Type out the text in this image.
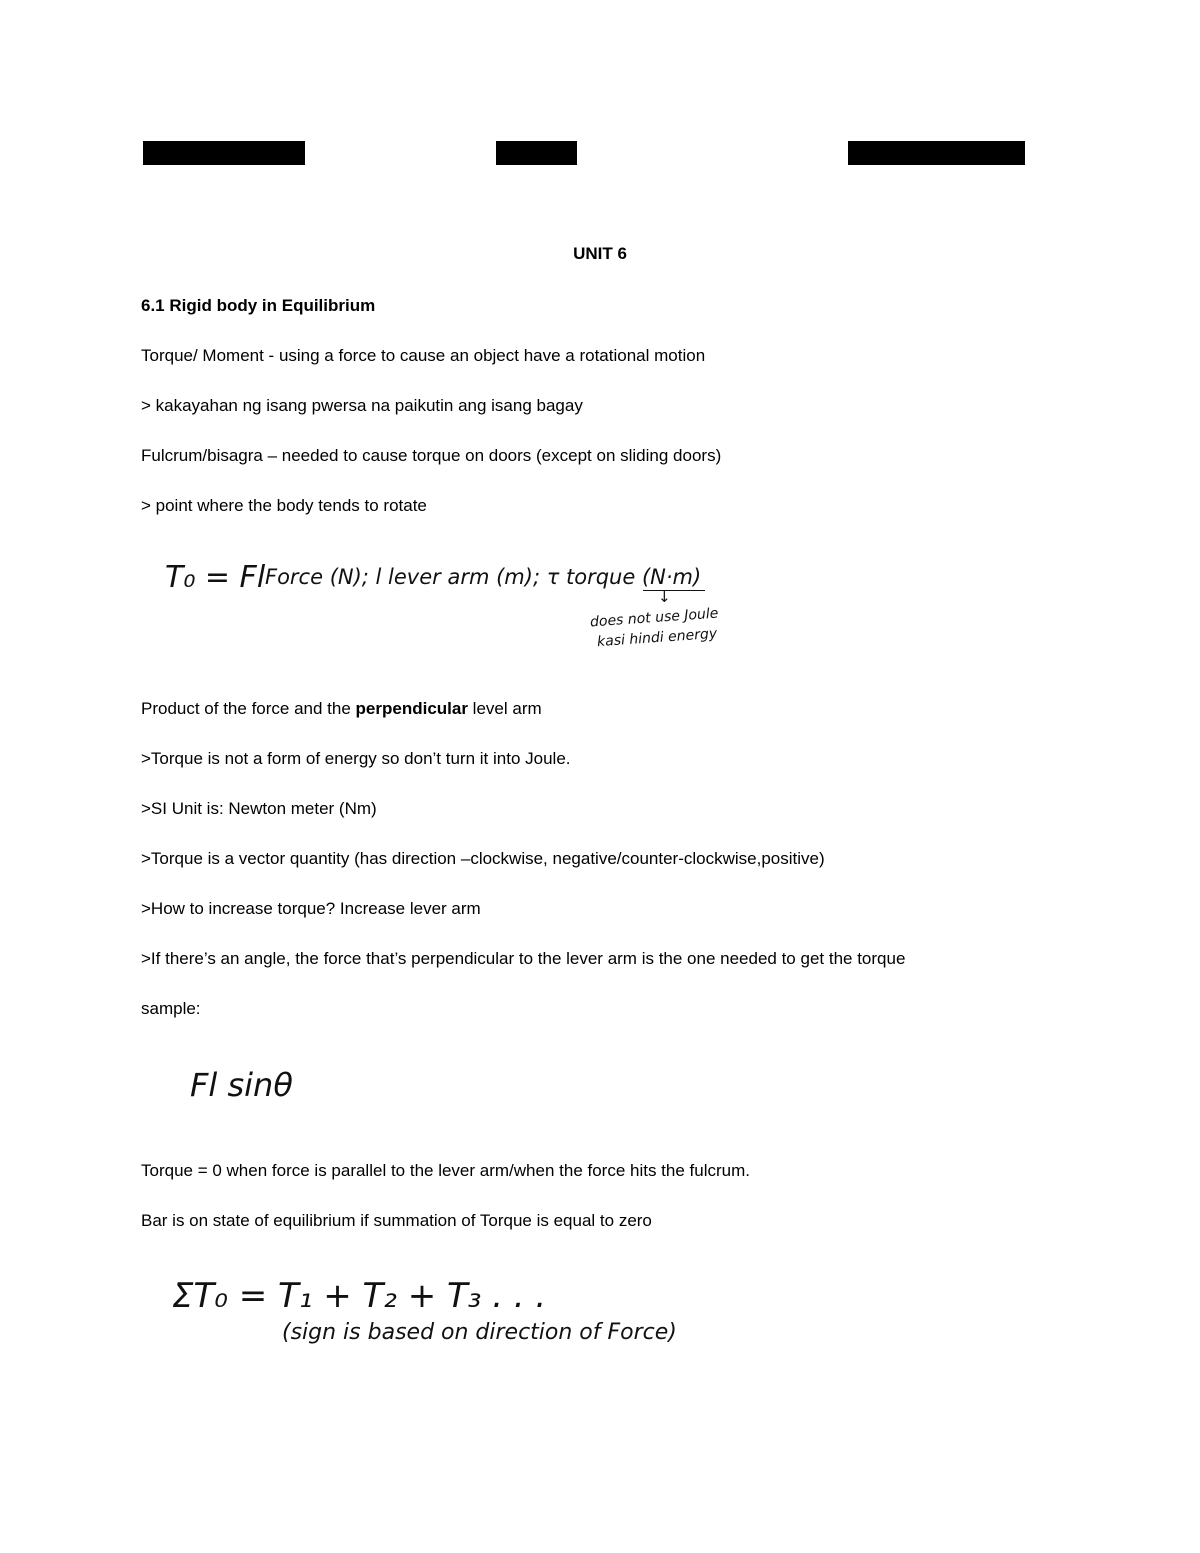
UNIT 6
6.1 Rigid body in Equilibrium
Torque/ Moment - using a force to cause an object have a rotational motion
> kakayahan ng isang pwersa na paikutin ang isang bagay
Fulcrum/bisagra – needed to cause torque on doors (except on sliding doors)
> point where the body tends to rotate
T₀ = Fl Force (N); l lever arm (m); τ torque (N·m)
↓
does not use Joule
kasi hindi energy
Product of the force and the perpendicular level arm
>Torque is not a form of energy so don’t turn it into Joule.
>SI Unit is: Newton meter (Nm)
>Torque is a vector quantity (has direction –clockwise, negative/counter-clockwise,positive)
>How to increase torque? Increase lever arm
>If there’s an angle, the force that’s perpendicular to the lever arm is the one needed to get the torque
sample:
Fl sinθ
Torque = 0 when force is parallel to the lever arm/when the force hits the fulcrum.
Bar is on state of equilibrium if summation of Torque is equal to zero
ΣT₀ = T₁ + T₂ + T₃ . . .
(sign is based on direction of Force)
